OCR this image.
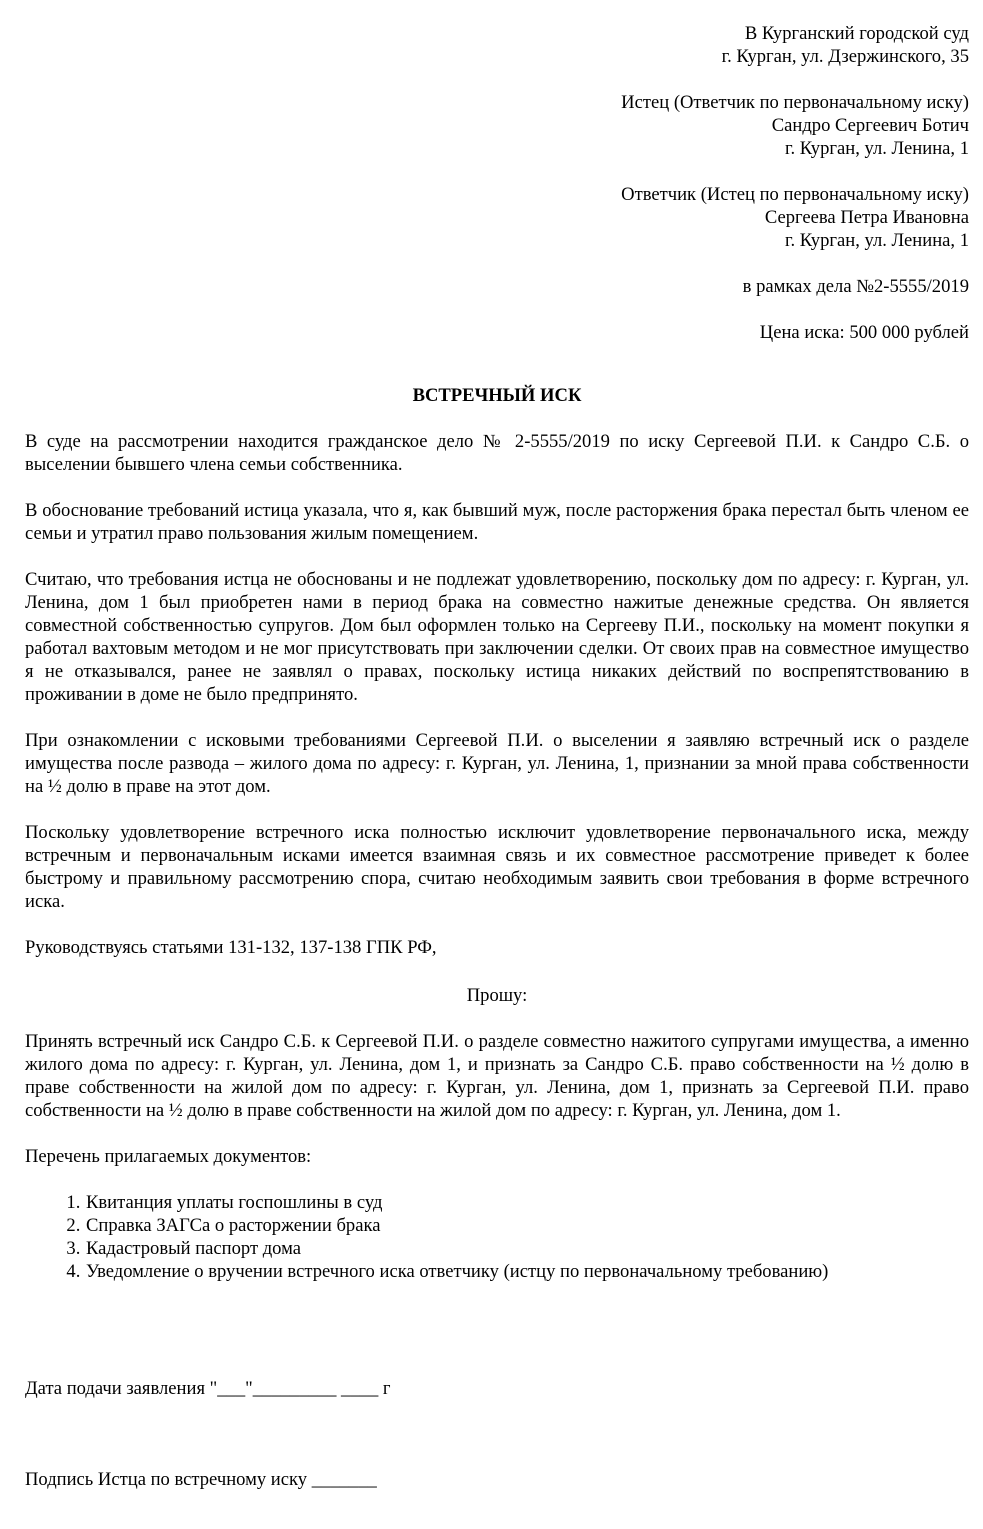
В Курганский городской суд

г. Курган, ул. Дзержинского, 35

Истец (Ответчик по первоначальному иску)

Сандро Сергеевич Ботич

г. Курган, ул. Ленина, 1

Ответчик (Истец по первоначальному иску)

Сергеева Петра Ивановна

г. Курган, ул. Ленина, 1

в рамках дела №2-5555/2019

Цена иска: 500 000 рублей

ВСТРЕЧНЫЙ ИСК

В суде на рассмотрении находится гражданское дело № 2-5555/2019 по иску Сергеевой П.И. к Сандро С.Б. о выселении бывшего члена семьи собственника.

В обоснование требований истица указала, что я, как бывший муж, после расторжения брака перестал быть членом ее семьи и утратил право пользования жилым помещением.

Считаю, что требования истца не обоснованы и не подлежат удовлетворению, поскольку дом по адресу: г. Курган, ул. Ленина, дом 1 был приобретен нами в период брака на совместно нажитые денежные средства. Он является совместной собственностью супругов. Дом был оформлен только на Сергееву П.И., поскольку на момент покупки я работал вахтовым методом и не мог присутствовать при заключении сделки. От своих прав на совместное имущество я не отказывался, ранее не заявлял о правах, поскольку истица никаких действий по воспрепятствованию в проживании в доме не было предпринято.

При ознакомлении с исковыми требованиями Сергеевой П.И. о выселении я заявляю встречный иск о разделе имущества после развода – жилого дома по адресу: г. Курган, ул. Ленина, 1, признании за мной права собственности на ½ долю в праве на этот дом.

Поскольку удовлетворение встречного иска полностью исключит удовлетворение первоначального иска, между встречным и первоначальным исками имеется взаимная связь и их совместное рассмотрение приведет к более быстрому и правильному рассмотрению спора, считаю необходимым заявить свои требования в форме встречного иска.

Руководствуясь статьями 131-132, 137-138 ГПК РФ,

Прошу:

Принять встречный иск Сандро С.Б. к Сергеевой П.И. о разделе совместно нажитого супругами имущества, а именно жилого дома по адресу: г. Курган, ул. Ленина, дом 1, и признать за Сандро С.Б. право собственности на ½ долю в праве собственности на жилой дом по адресу: г. Курган, ул. Ленина, дом 1, признать за Сергеевой П.И. право собственности на ½ долю в праве собственности на жилой дом по адресу: г. Курган, ул. Ленина, дом 1.

Перечень прилагаемых документов:

1. Квитанция уплаты госпошлины в суд
2. Справка ЗАГСа о расторжении брака
3. Кадастровый паспорт дома
4. Уведомление о вручении встречного иска ответчику (истцу по первоначальному требованию)

Дата подачи заявления "___"_________ ____ г

Подпись Истца по встречному иску _______
